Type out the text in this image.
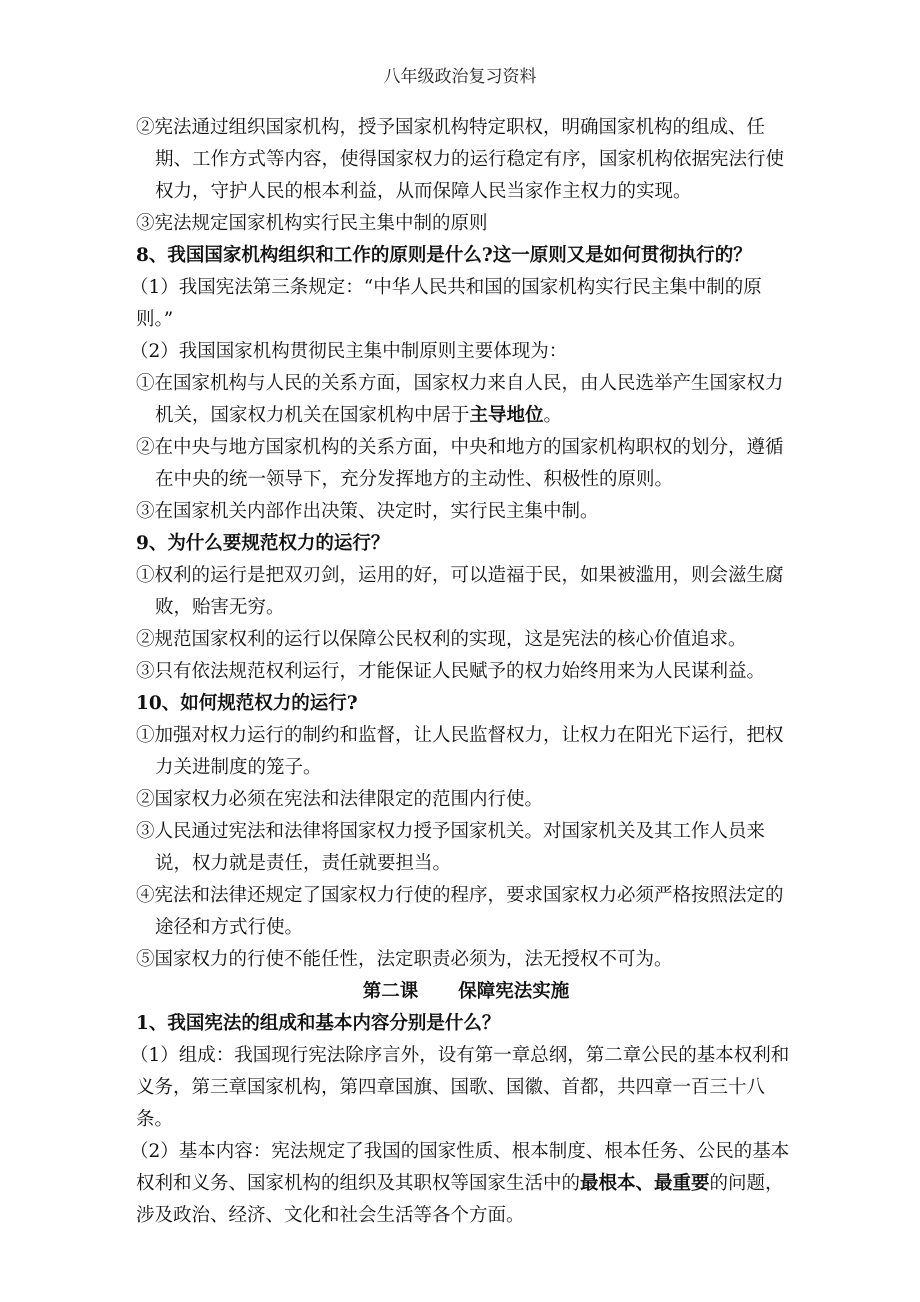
八年级政治复习资料

②宪法通过组织国家机构，授予国家机构特定职权，明确国家机构的组成、任期、工作方式等内容，使得国家权力的运行稳定有序，国家机构依据宪法行使权力，守护人民的根本利益，从而保障人民当家作主权力的实现。

③宪法规定国家机构实行民主集中制的原则

8、我国国家机构组织和工作的原则是什么?这一原则又是如何贯彻执行的？

（1）我国宪法第三条规定：“中华人民共和国的国家机构实行民主集中制的原则。”

（2）我国国家机构贯彻民主集中制原则主要体现为：

①在国家机构与人民的关系方面，国家权力来自人民，由人民选举产生国家权力机关，国家权力机关在国家机构中居于主导地位。

②在中央与地方国家机构的关系方面，中央和地方的国家机构职权的划分，遵循在中央的统一领导下，充分发挥地方的主动性、积极性的原则。

③在国家机关内部作出决策、决定时，实行民主集中制。

9、为什么要规范权力的运行？

①权利的运行是把双刃剑，运用的好，可以造福于民，如果被滥用，则会滋生腐败，贻害无穷。

②规范国家权利的运行以保障公民权利的实现，这是宪法的核心价值追求。

③只有依法规范权利运行，才能保证人民赋予的权力始终用来为人民谋利益。

10、如何规范权力的运行?

①加强对权力运行的制约和监督，让人民监督权力，让权力在阳光下运行，把权力关进制度的笼子。

②国家权力必须在宪法和法律限定的范围内行使。

③人民通过宪法和法律将国家权力授予国家机关。对国家机关及其工作人员来说，权力就是责任，责任就要担当。

④宪法和法律还规定了国家权力行使的程序，要求国家权力必须严格按照法定的途径和方式行使。

⑤国家权力的行使不能任性，法定职责必须为，法无授权不可为。

第二课 保障宪法实施

1、我国宪法的组成和基本内容分别是什么？

（1）组成：我国现行宪法除序言外，设有第一章总纲，第二章公民的基本权利和义务，第三章国家机构，第四章国旗、国歌、国徽、首都，共四章一百三十八条。

（2）基本内容：宪法规定了我国的国家性质、根本制度、根本任务、公民的基本权利和义务、国家机构的组织及其职权等国家生活中的最根本、最重要的问题，涉及政治、经济、文化和社会生活等各个方面。
